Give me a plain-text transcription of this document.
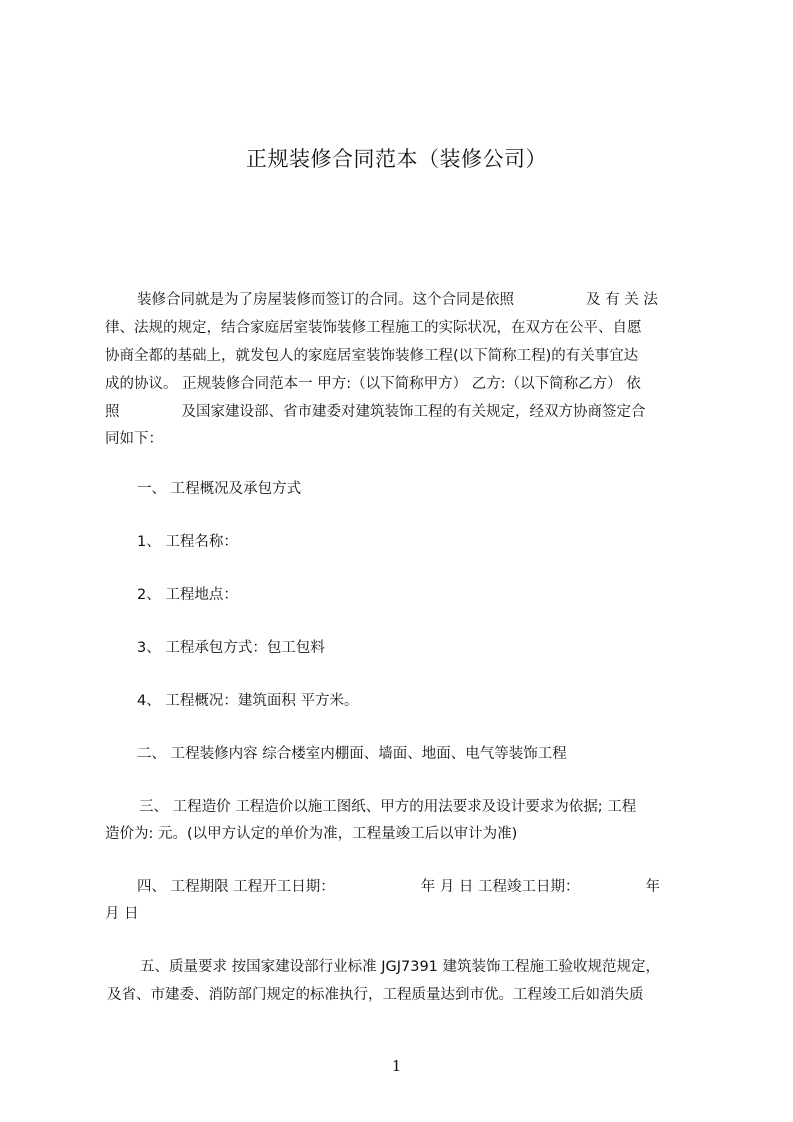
正规装修合同范本（装修公司）
装修合同就是为了房屋装修而签订的合同。这个合同是依照	及 有 关 法
律、法规的规定，结合家庭居室装饰装修工程施工的实际状况，在双方在公平、自愿
协商全都的基础上，就发包人的家庭居室装饰装修工程(以下简称工程)的有关事宜达
成的协议。 正规装修合同范本一 甲方:（以下简称甲方） 乙方:（以下简称乙方） 依
照	及国家建设部、省市建委对建筑装饰工程的有关规定，经双方协商签定合
同如下：
一、 工程概况及承包方式
1、 工程名称：
2、 工程地点：
3、 工程承包方式：包工包料
4、 工程概况：建筑面积 平方米。
二、 工程装修内容 综合楼室内棚面、墙面、地面、电气等装饰工程
三、 工程造价 工程造价以施工图纸、甲方的用法要求及设计要求为依据; 工程
造价为: 元。(以甲方认定的单价为准，工程量竣工后以审计为准)
四、 工程期限 工程开工日期：	年 月 日 工程竣工日期：	年
月 日
五、质量要求 按国家建设部行业标准 JGJ7391 建筑装饰工程施工验收规范规定，
及省、市建委、消防部门规定的标准执行，工程质量达到市优。工程竣工后如消失质
1
